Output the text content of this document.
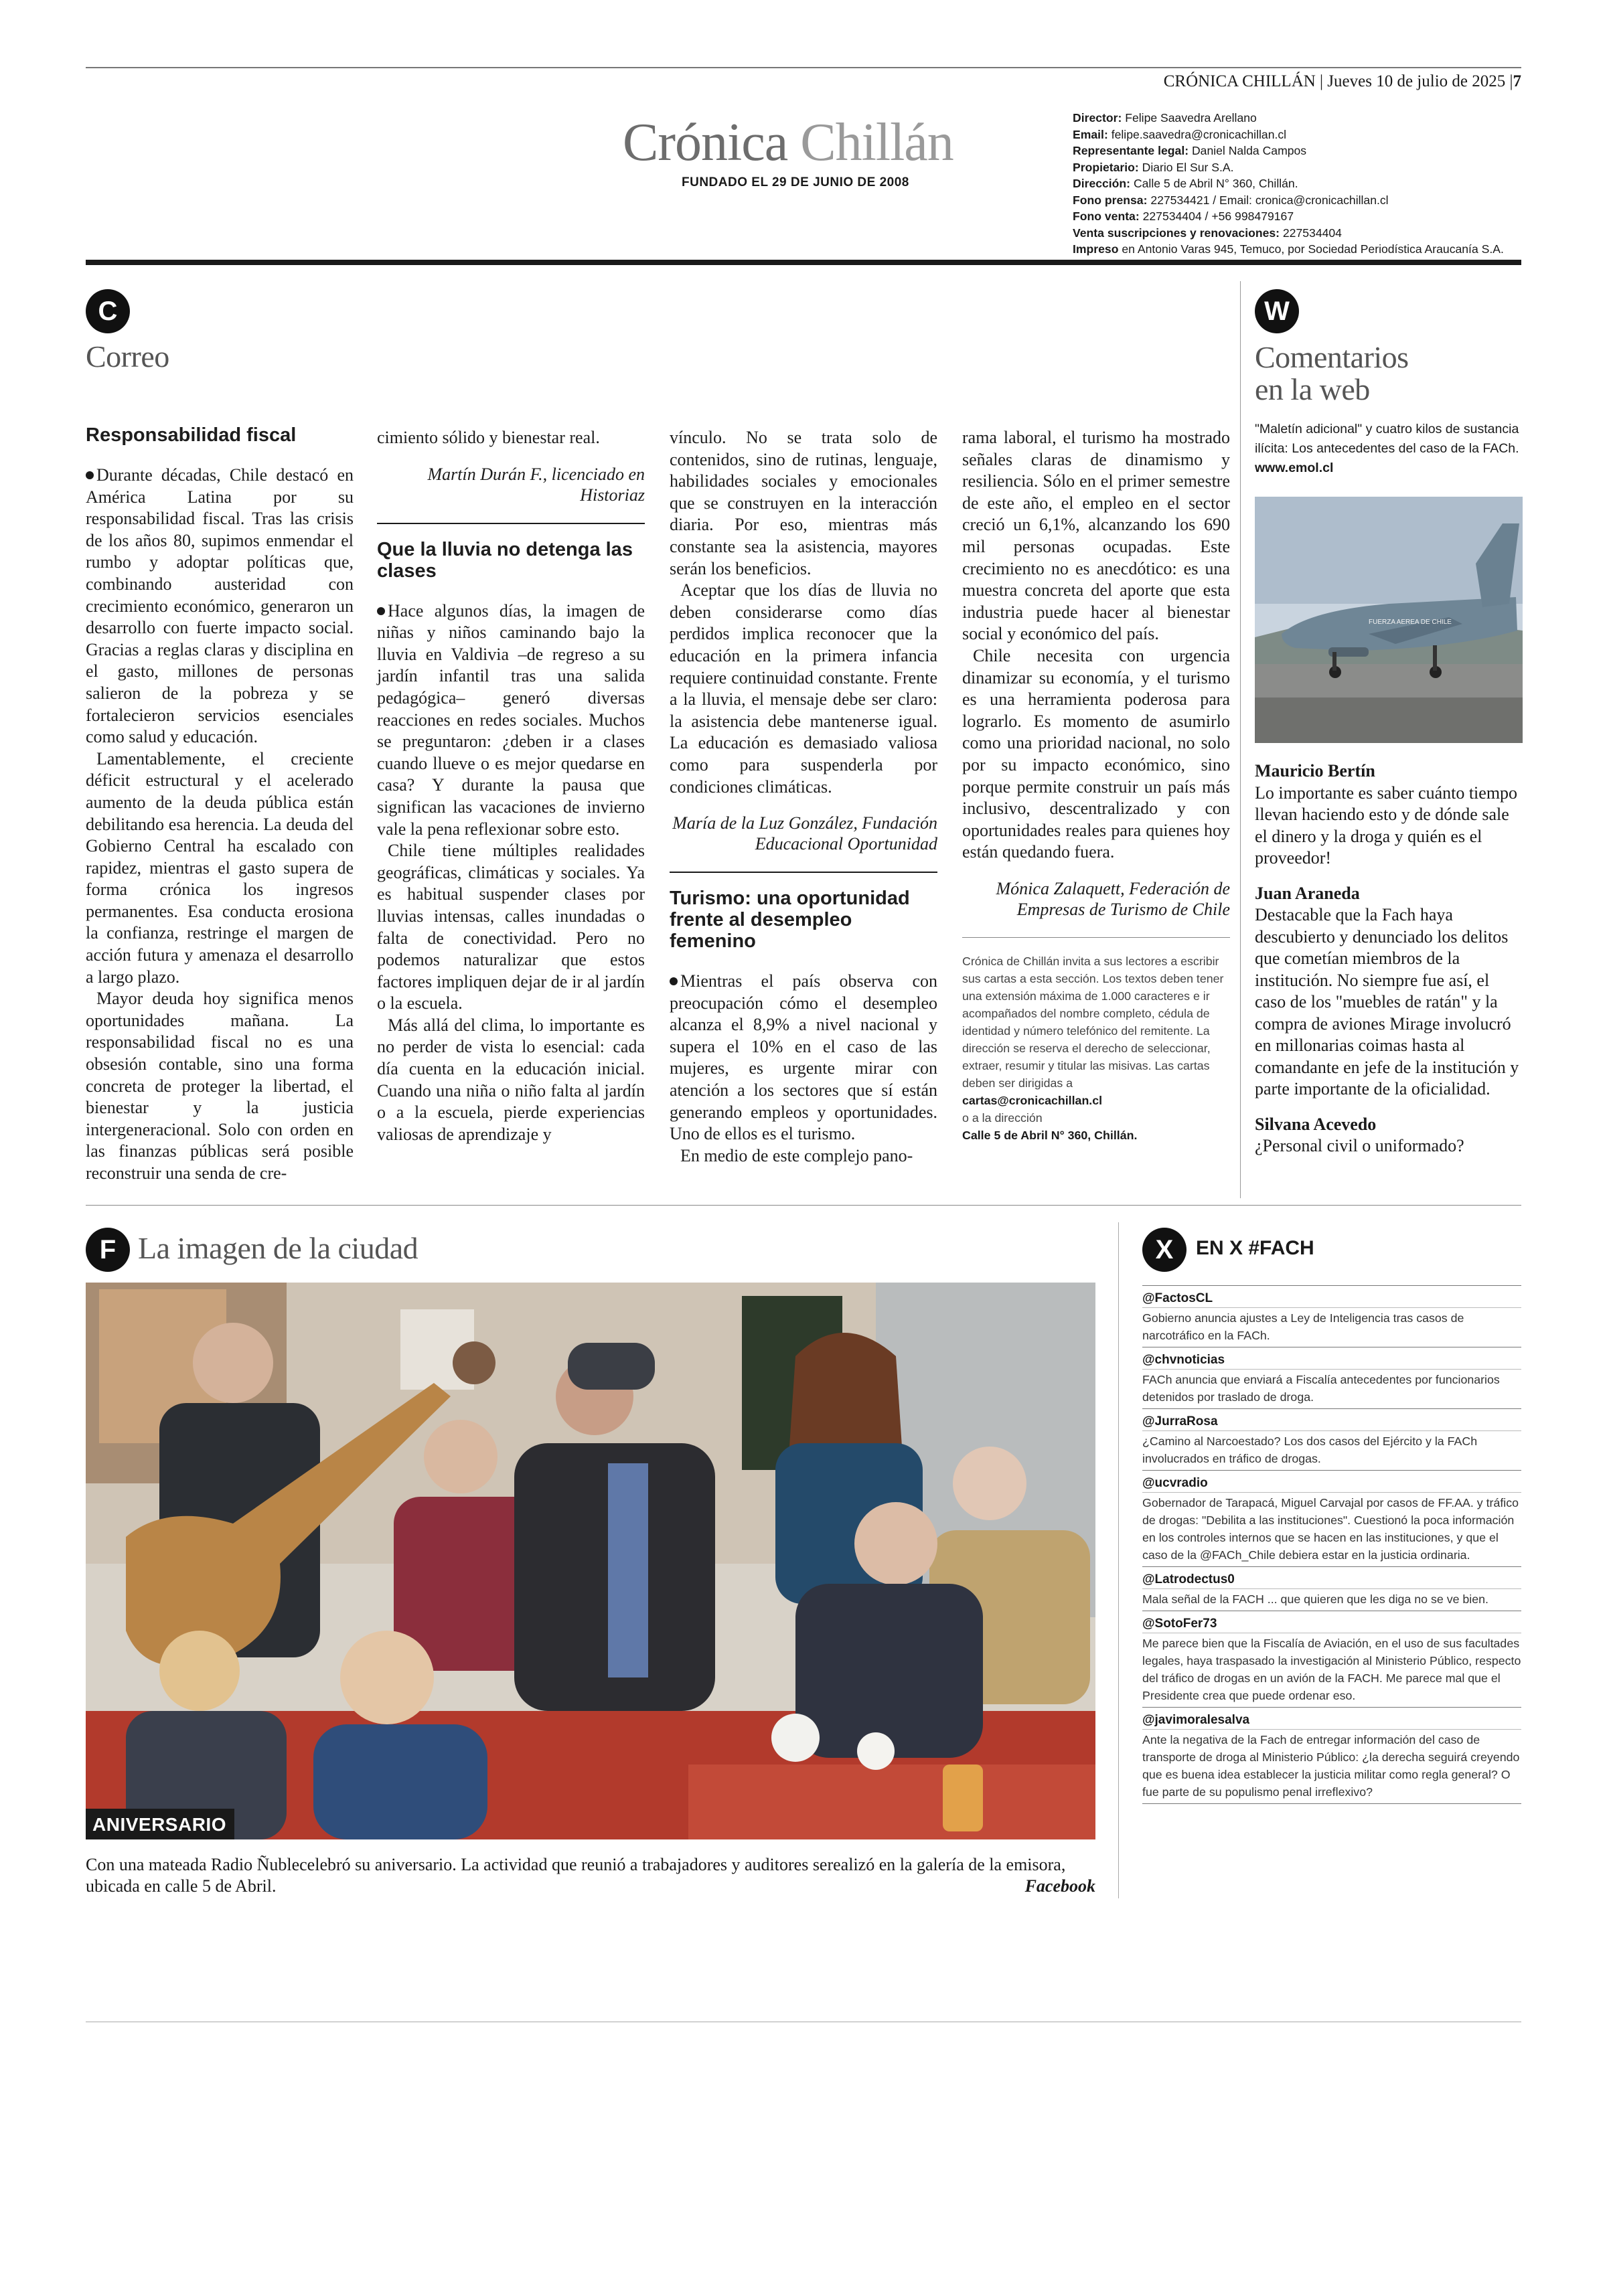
CRÓNICA CHILLÁN | Jueves 10 de julio de 2025 |7
Crónica Chillán
FUNDADO EL 29 DE JUNIO DE 2008
Director: Felipe Saavedra Arellano
Email: felipe.saavedra@cronicachillan.cl
Representante legal: Daniel Nalda Campos
Propietario: Diario El Sur S.A.
Dirección: Calle 5 de Abril N° 360, Chillán.
Fono prensa: 227534421 / Email: cronica@cronicachillan.cl
Fono venta: 227534404 / +56 998479167
Venta suscripciones y renovaciones: 227534404
Impreso en Antonio Varas 945, Temuco, por Sociedad Periodística Araucanía S.A.
C
Correo
Responsabilidad fiscal

Durante décadas, Chile destacó en América Latina por su responsabilidad fiscal. Tras las crisis de los años 80, supimos enmendar el rumbo y adoptar políticas que, combinando austeridad con crecimiento económico, generaron un desarrollo con fuerte impacto social. Gracias a reglas claras y disciplina en el gasto, millones de personas salieron de la pobreza y se fortalecieron servicios esenciales como salud y educación.

Lamentablemente, el creciente déficit estructural y el acelerado aumento de la deuda pública están debilitando esa herencia. La deuda del Gobierno Central ha escalado con rapidez, mientras el gasto supera de forma crónica los ingresos permanentes. Esa conducta erosiona la confianza, restringe el margen de acción futura y amenaza el desarrollo a largo plazo.

Mayor deuda hoy significa menos oportunidades mañana. La responsabilidad fiscal no es una obsesión contable, sino una forma concreta de proteger la libertad, el bienestar y la justicia intergeneracional. Solo con orden en las finanzas públicas será posible reconstruir una senda de cre-

cimiento sólido y bienestar real.

Martín Durán F., licenciado en Historiaz
Que la lluvia no detenga las clases

Hace algunos días, la imagen de niñas y niños caminando bajo la lluvia en Valdivia –de regreso a su jardín infantil tras una salida pedagógica– generó diversas reacciones en redes sociales. Muchos se preguntaron: ¿deben ir a clases cuando llueve o es mejor quedarse en casa? Y durante la pausa que significan las vacaciones de invierno vale la pena reflexionar sobre esto.

Chile tiene múltiples realidades geográficas, climáticas y sociales. Ya es habitual suspender clases por lluvias intensas, calles inundadas o falta de conectividad. Pero no podemos naturalizar que estos factores impliquen dejar de ir al jardín o la escuela.

Más allá del clima, lo importante es no perder de vista lo esencial: cada día cuenta en la educación inicial. Cuando una niña o niño falta al jardín o a la escuela, pierde experiencias valiosas de aprendizaje y

vínculo. No se trata solo de contenidos, sino de rutinas, lenguaje, habilidades sociales y emocionales que se construyen en la interacción diaria. Por eso, mientras más constante sea la asistencia, mayores serán los beneficios.

Aceptar que los días de lluvia no deben considerarse como días perdidos implica reconocer que la educación en la primera infancia requiere continuidad constante. Frente a la lluvia, el mensaje debe ser claro: la asistencia debe mantenerse igual. La educación es demasiado valiosa como para suspenderla por condiciones climáticas.

María de la Luz González, Fundación Educacional Oportunidad
Turismo: una oportunidad frente al desempleo femenino

Mientras el país observa con preocupación cómo el desempleo alcanza el 8,9% a nivel nacional y supera el 10% en el caso de las mujeres, es urgente mirar con atención a los sectores que sí están generando empleos y oportunidades. Uno de ellos es el turismo.

En medio de este complejo pano-

rama laboral, el turismo ha mostrado señales claras de dinamismo y resiliencia. Sólo en el primer semestre de este año, el empleo en el sector creció un 6,1%, alcanzando los 690 mil personas ocupadas. Este crecimiento no es anecdótico: es una muestra concreta del aporte que esta industria puede hacer al bienestar social y económico del país.

Chile necesita con urgencia dinamizar su economía, y el turismo es una herramienta poderosa para lograrlo. Es momento de asumirlo como una prioridad nacional, no solo por su impacto económico, sino porque permite construir un país más inclusivo, descentralizado y con oportunidades reales para quienes hoy están quedando fuera.

Mónica Zalaquett, Federación de Empresas de Turismo de Chile
Crónica de Chillán invita a sus lectores a escribir sus cartas a esta sección. Los textos deben tener una extensión máxima de 1.000 caracteres e ir acompañados del nombre completo, cédula de identidad y número telefónico del remitente. La dirección se reserva el derecho de seleccionar, extraer, resumir y titular las misivas. Las cartas deben ser dirigidas a
cartas@cronicachillan.cl
o a la dirección
Calle 5 de Abril N° 360, Chillán.
W
Comentarios
en la web
"Maletín adicional" y cuatro kilos de sustancia ilícita: Los antecedentes del caso de la FACh. www.emol.cl
FUERZA AEREA DE CHILE
Mauricio Bertín
Lo importante es saber cuánto tiempo llevan haciendo esto y de dónde sale el dinero y la droga y quién es el proveedor!
Juan Araneda
Destacable que la Fach haya descubierto y denunciado los delitos que cometían miembros de la institución. No siempre fue así, el caso de los "muebles de ratán" y la compra de aviones Mirage involucró en millonarias coimas hasta al comandante en jefe de la institución y parte importante de la oficialidad.
Silvana Acevedo
¿Personal civil o uniformado?
F La imagen de la ciudad
ANIVERSARIO
Con una mateada Radio Ñublecelebró su aniversario. La actividad que reunió a trabajadores y auditores serealizó en la galería de la emisora, ubicada en calle 5 de Abril.	Facebook
X	EN X #FACH
@FactosCL
Gobierno anuncia ajustes a Ley de Inteligencia tras casos de narcotráfico en la FACh.
@chvnoticias
FACh anuncia que enviará a Fiscalía antecedentes por funcionarios detenidos por traslado de droga.
@JurraRosa
¿Camino al Narcoestado? Los dos casos del Ejército y la FACh involucrados en tráfico de drogas.
@ucvradio
Gobernador de Tarapacá, Miguel Carvajal por casos de FF.AA. y tráfico de drogas: "Debilita a las instituciones". Cuestionó la poca información en los controles internos que se hacen en las instituciones, y que el caso de la @FACh_Chile debiera estar en la justicia ordinaria.
@Latrodectus0
Mala señal de la FACH ... que quieren que les diga no se ve bien.
@SotoFer73
Me parece bien que la Fiscalía de Aviación, en el uso de sus facultades legales, haya traspasado la investigación al Ministerio Público, respecto del tráfico de drogas en un avión de la FACH. Me parece mal que el Presidente crea que puede ordenar eso.
@javimoralesalva
Ante la negativa de la Fach de entregar información del caso de transporte de droga al Ministerio Público: ¿la derecha seguirá creyendo que es buena idea establecer la justicia militar como regla general? O fue parte de su populismo penal irreflexivo?
